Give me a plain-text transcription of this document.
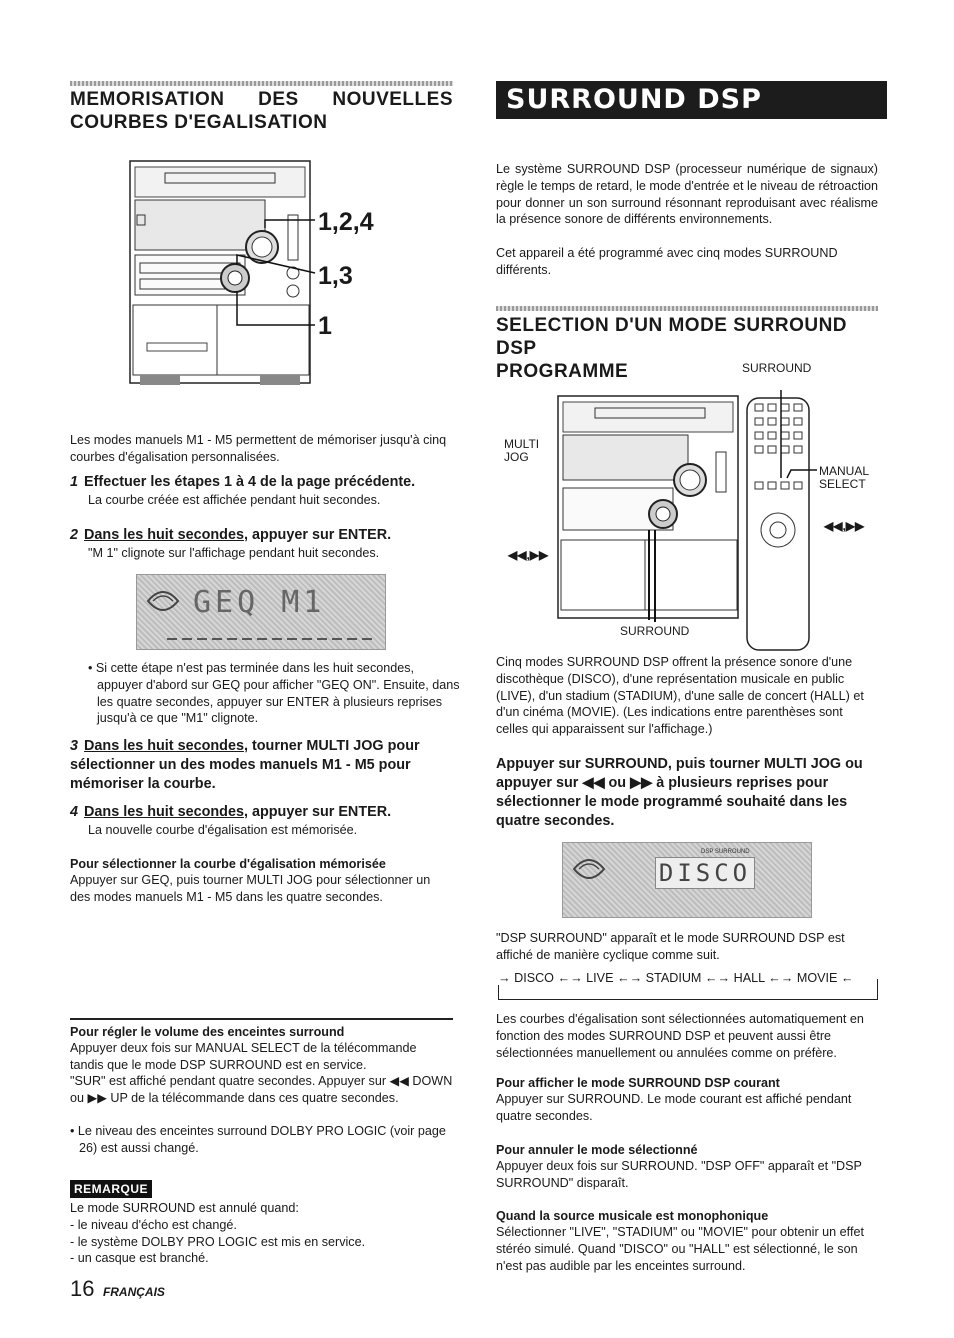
MEMORISATION DES NOUVELLES
COURBES D'EGALISATION
1,2,4
1,3
1

Les modes manuels M1 - M5 permettent de mémoriser jusqu'à cinq courbes d'égalisation personnalisées.

1 Effectuer les étapes 1 à 4 de la page précédente.

La courbe créée est affichée pendant huit secondes.

2 Dans les huit secondes, appuyer sur ENTER.

"M 1" clignote sur l'affichage pendant huit secondes.

GEQ M1

• Si cette étape n'est pas terminée dans les huit secondes, appuyer d'abord sur GEQ pour afficher "GEQ ON". Ensuite, dans les quatre secondes, appuyer sur ENTER à plusieurs reprises jusqu'à ce que "M1" clignote.

3 Dans les huit secondes, tourner MULTI JOG pour sélectionner un des modes manuels M1 - M5 pour mémoriser la courbe.
4 Dans les huit secondes, appuyer sur ENTER.

La nouvelle courbe d'égalisation est mémorisée.

Pour sélectionner la courbe d'égalisation mémorisée

Appuyer sur GEQ, puis tourner MULTI JOG pour sélectionner un des modes manuels M1 - M5 dans les quatre secondes.

Pour régler le volume des enceintes surround

Appuyer deux fois sur MANUAL SELECT de la télécommande tandis que le mode DSP SURROUND est en service.

"SUR" est affiché pendant quatre secondes. Appuyer sur ◀◀ DOWN ou ▶▶ UP de la télécommande dans ces quatre secondes.

• Le niveau des enceintes surround DOLBY PRO LOGIC (voir page 26) est aussi changé.

REMARQUE

Le mode SURROUND est annulé quand:

- le niveau d'écho est changé.

- le système DOLBY PRO LOGIC est mis en service.

- un casque est branché.

16 FRANÇAIS
SURROUND DSP

Le système SURROUND DSP (processeur numérique de signaux) règle le temps de retard, le mode d'entrée et le niveau de rétroaction pour donner un son surround résonnant reproduisant avec réalisme la présence sonore de différents environnements.

Cet appareil a été programmé avec cinq modes SURROUND différents.

SELECTION D'UN MODE SURROUND DSP
PROGRAMME	SURROUND
MULTI
JOG
MANUAL
SELECT
◀◀,▶▶
◀◀,▶▶
SURROUND

Cinq modes SURROUND DSP offrent la présence sonore d'une discothèque (DISCO), d'une représentation musicale en public (LIVE), d'un stadium (STADIUM), d'une salle de concert (HALL) et d'un cinéma (MOVIE). (Les indications entre parenthèses sont celles qui apparaissent sur l'affichage.)

Appuyer sur SURROUND, puis tourner MULTI JOG ou appuyer sur ◀◀ ou ▶▶ à plusieurs reprises pour sélectionner le mode programmé souhaité dans les quatre secondes.
DSP SURROUND
DISCO

"DSP SURROUND" apparaît et le mode SURROUND DSP est affiché de manière cyclique comme suit.

→ DISCO ←→ LIVE ←→ STADIUM ←→ HALL ←→ MOVIE ←

Les courbes d'égalisation sont sélectionnées automatiquement en fonction des modes SURROUND DSP et peuvent aussi être sélectionnées manuellement ou annulées comme on préfère.

Pour afficher le mode SURROUND DSP courant

Appuyer sur SURROUND. Le mode courant est affiché pendant quatre secondes.

Pour annuler le mode sélectionné

Appuyer deux fois sur SURROUND. "DSP OFF" apparaît et "DSP SURROUND" disparaît.

Quand la source musicale est monophonique

Sélectionner "LIVE", "STADIUM" ou "MOVIE" pour obtenir un effet stéréo simulé. Quand "DISCO" ou "HALL" est sélectionné, le son n'est pas audible par les enceintes surround.
